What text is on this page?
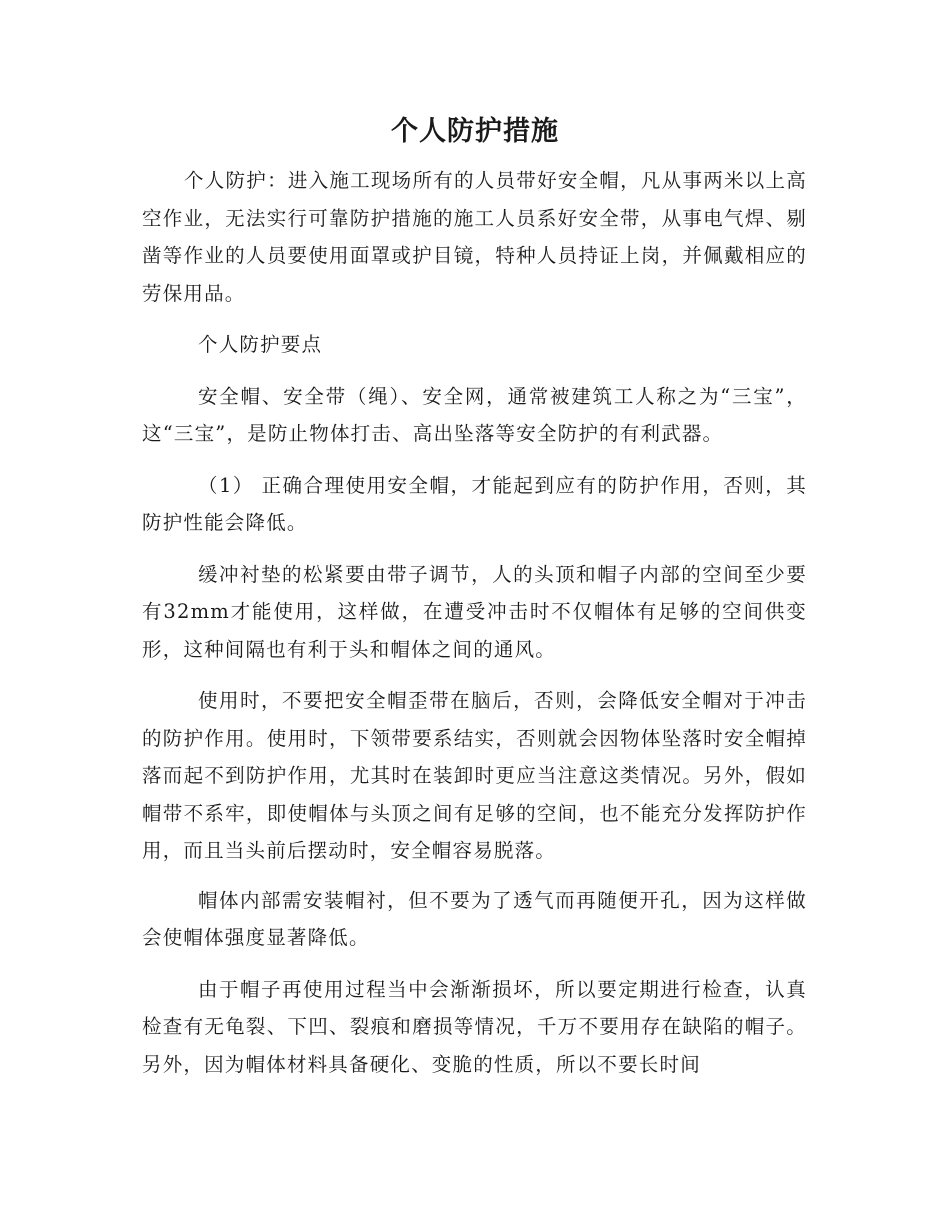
个人防护措施

个人防护：进入施工现场所有的人员带好安全帽，凡从事两米以上高空作业，无法实行可靠防护措施的施工人员系好安全带，从事电气焊、剔凿等作业的人员要使用面罩或护目镜，特种人员持证上岗，并佩戴相应的劳保用品。

个人防护要点

安全帽、安全带（绳）、安全网，通常被建筑工人称之为“三宝”，这“三宝”，是防止物体打击、高出坠落等安全防护的有利武器。

（1） 正确合理使用安全帽，才能起到应有的防护作用，否则，其防护性能会降低。

缓冲衬垫的松紧要由带子调节，人的头顶和帽子内部的空间至少要有32mm才能使用，这样做，在遭受冲击时不仅帽体有足够的空间供变形，这种间隔也有利于头和帽体之间的通风。

使用时，不要把安全帽歪带在脑后，否则，会降低安全帽对于冲击的防护作用。使用时，下领带要系结实，否则就会因物体坠落时安全帽掉落而起不到防护作用，尤其时在装卸时更应当注意这类情况。另外，假如帽带不系牢，即使帽体与头顶之间有足够的空间，也不能充分发挥防护作用，而且当头前后摆动时，安全帽容易脱落。

帽体内部需安装帽衬，但不要为了透气而再随便开孔，因为这样做会使帽体强度显著降低。

由于帽子再使用过程当中会渐渐损坏，所以要定期进行检查，认真检查有无龟裂、下凹、裂痕和磨损等情况，千万不要用存在缺陷的帽子。另外，因为帽体材料具备硬化、变脆的性质，所以不要长时间
